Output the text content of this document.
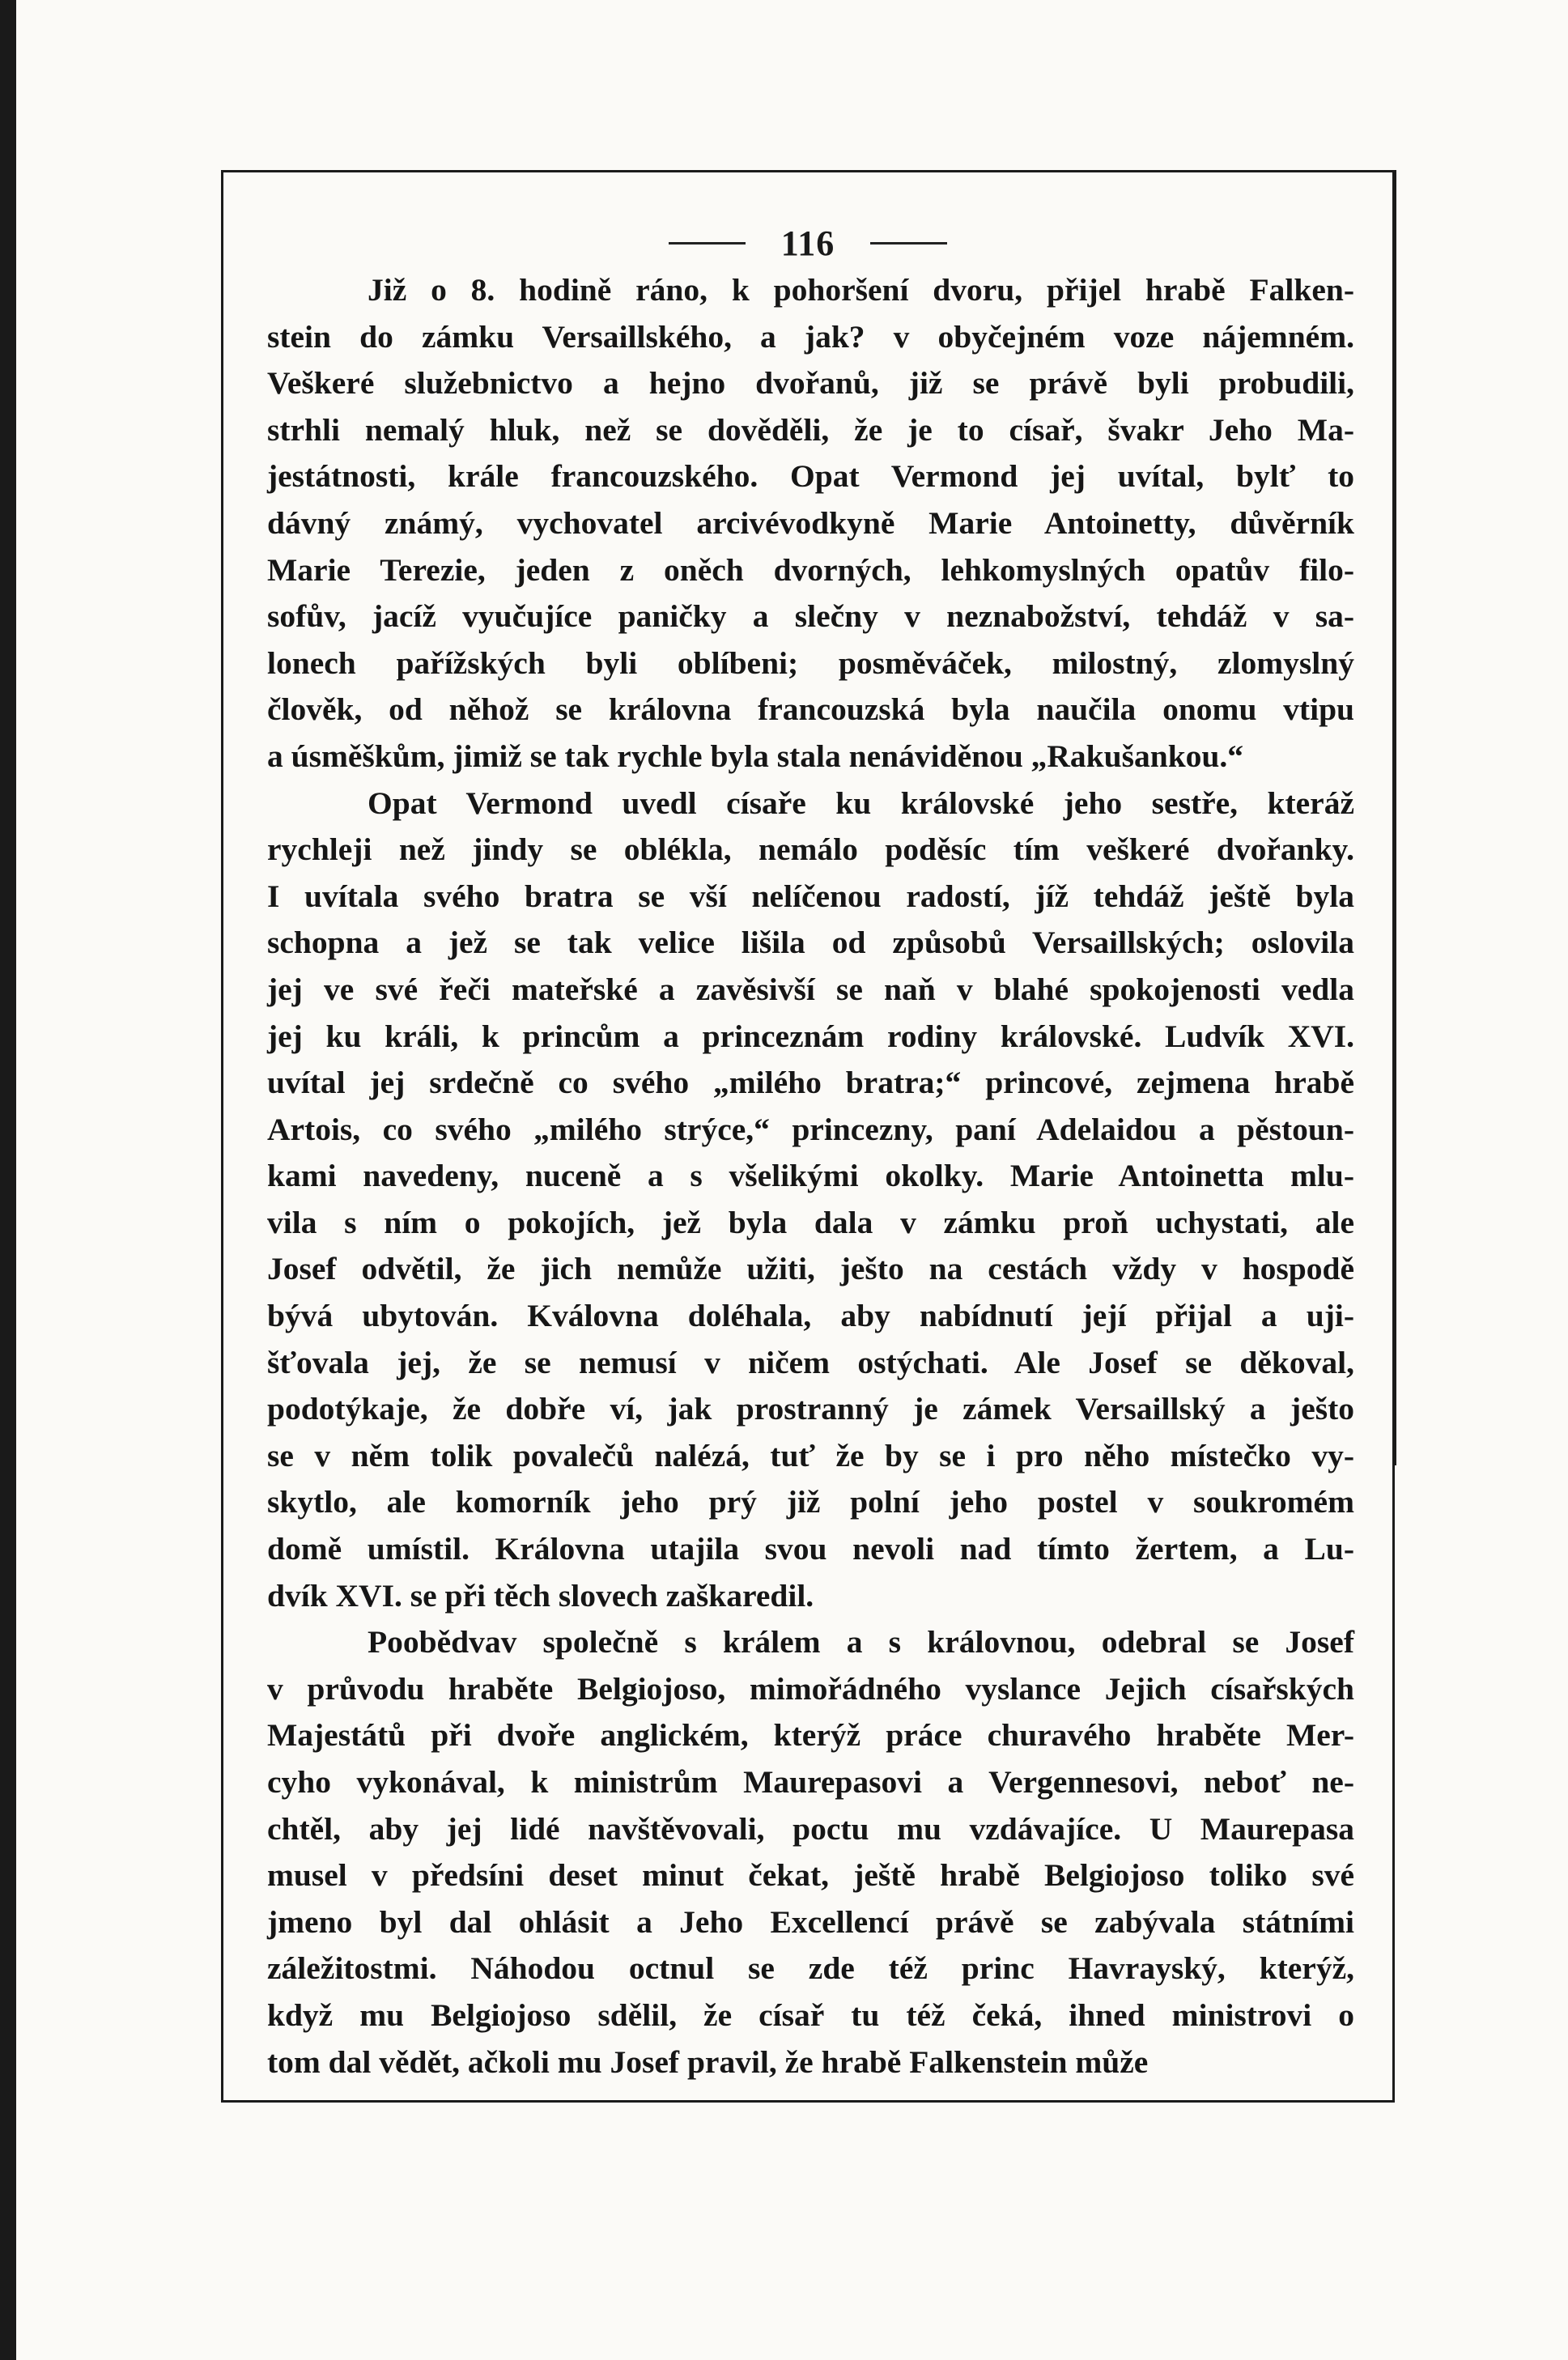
116
Již o 8. hodině ráno, k pohoršení dvoru, přijel hrabě Falken-
stein do zámku Versaillského, a jak? v obyčejném voze nájemném.
Veškeré služebnictvo a hejno dvořanů, již se právě byli probudili,
strhli nemalý hluk, než se dověděli, že je to císař, švakr Jeho Ma-
jestátnosti, krále francouzského. Opat Vermond jej uvítal, bylť to
dávný známý, vychovatel arcivévodkyně Marie Antoinetty, důvěrník
Marie Terezie, jeden z oněch dvorných, lehkomyslných opatův filo-
sofův, jacíž vyučujíce paničky a slečny v neznabožství, tehdáž v sa-
lonech pařížských byli oblíbeni; posměváček, milostný, zlomyslný
člověk, od něhož se královna francouzská byla naučila onomu vtipu
a úsměškům, jimiž se tak rychle byla stala nenáviděnou „Rakušankou.“
Opat Vermond uvedl císaře ku královské jeho sestře, kteráž
rychleji než jindy se oblékla, nemálo poděsíc tím veškeré dvořanky.
I uvítala svého bratra se vší nelíčenou radostí, jíž tehdáž ještě byla
schopna a jež se tak velice lišila od způsobů Versaillských; oslovila
jej ve své řeči mateřské a zavěsivší se naň v blahé spokojenosti vedla
jej ku králi, k princům a princeznám rodiny královské. Ludvík XVI.
uvítal jej srdečně co svého „milého bratra;“ princové, zejmena hrabě
Artois, co svého „milého strýce,“ princezny, paní Adelaidou a pěstoun-
kami navedeny, nuceně a s všelikými okolky. Marie Antoinetta mlu-
vila s ním o pokojích, jež byla dala v zámku proň uchystati, ale
Josef odvětil, že jich nemůže užiti, ješto na cestách vždy v hospodě
bývá ubytován. Kválovna doléhala, aby nabídnutí její přijal a uji-
šťovala jej, že se nemusí v ničem ostýchati. Ale Josef se děkoval,
podotýkaje, že dobře ví, jak prostranný je zámek Versaillský a ješto
se v něm tolik povalečů nalézá, tuť že by se i pro něho místečko vy-
skytlo, ale komorník jeho prý již polní jeho postel v soukromém
domě umístil. Královna utajila svou nevoli nad tímto žertem, a Lu-
dvík XVI. se při těch slovech zaškaredil.
Poobědvav společně s králem a s královnou, odebral se Josef
v průvodu hraběte Belgiojoso, mimořádného vyslance Jejich císařských
Majestátů při dvoře anglickém, kterýž práce churavého hraběte Mer-
cyho vykonával, k ministrům Maurepasovi a Vergennesovi, neboť ne-
chtěl, aby jej lidé navštěvovali, poctu mu vzdávajíce. U Maurepasa
musel v předsíni deset minut čekat, ještě hrabě Belgiojoso toliko své
jmeno byl dal ohlásit a Jeho Excellencí právě se zabývala státními
záležitostmi. Náhodou octnul se zde též princ Havrayský, kterýž,
když mu Belgiojoso sdělil, že císař tu též čeká, ihned ministrovi o
tom dal vědět, ačkoli mu Josef pravil, že hrabě Falkenstein může
